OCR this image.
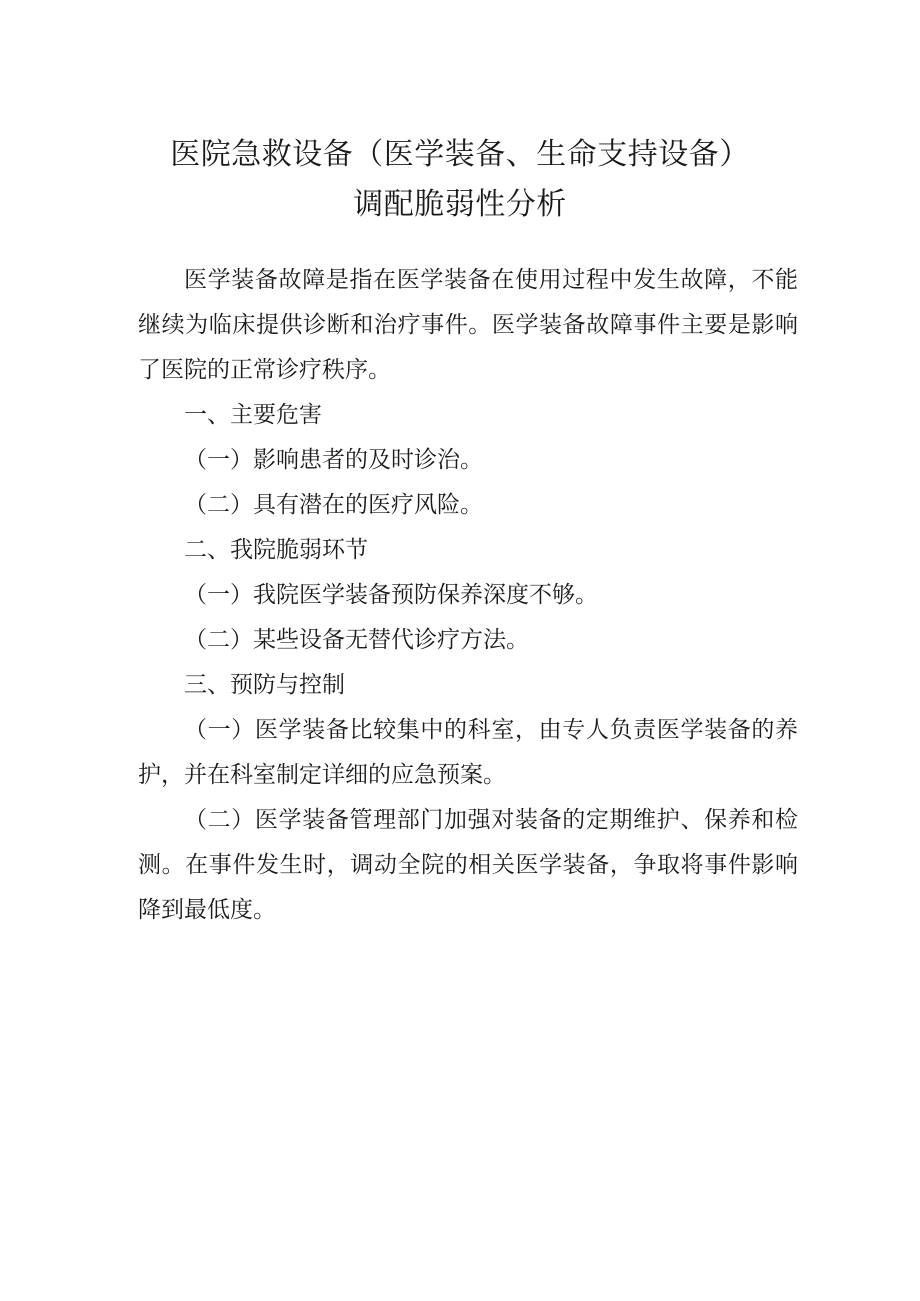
医院急救设备（医学装备、生命支持设备）
调配脆弱性分析

医学装备故障是指在医学装备在使用过程中发生故障，不能继续为临床提供诊断和治疗事件。医学装备故障事件主要是影响了医院的正常诊疗秩序。

一、主要危害

（一）影响患者的及时诊治。

（二）具有潜在的医疗风险。

二、我院脆弱环节

（一）我院医学装备预防保养深度不够。

（二）某些设备无替代诊疗方法。

三、预防与控制

（一）医学装备比较集中的科室，由专人负责医学装备的养护，并在科室制定详细的应急预案。

（二）医学装备管理部门加强对装备的定期维护、保养和检测。在事件发生时，调动全院的相关医学装备，争取将事件影响降到最低度。
